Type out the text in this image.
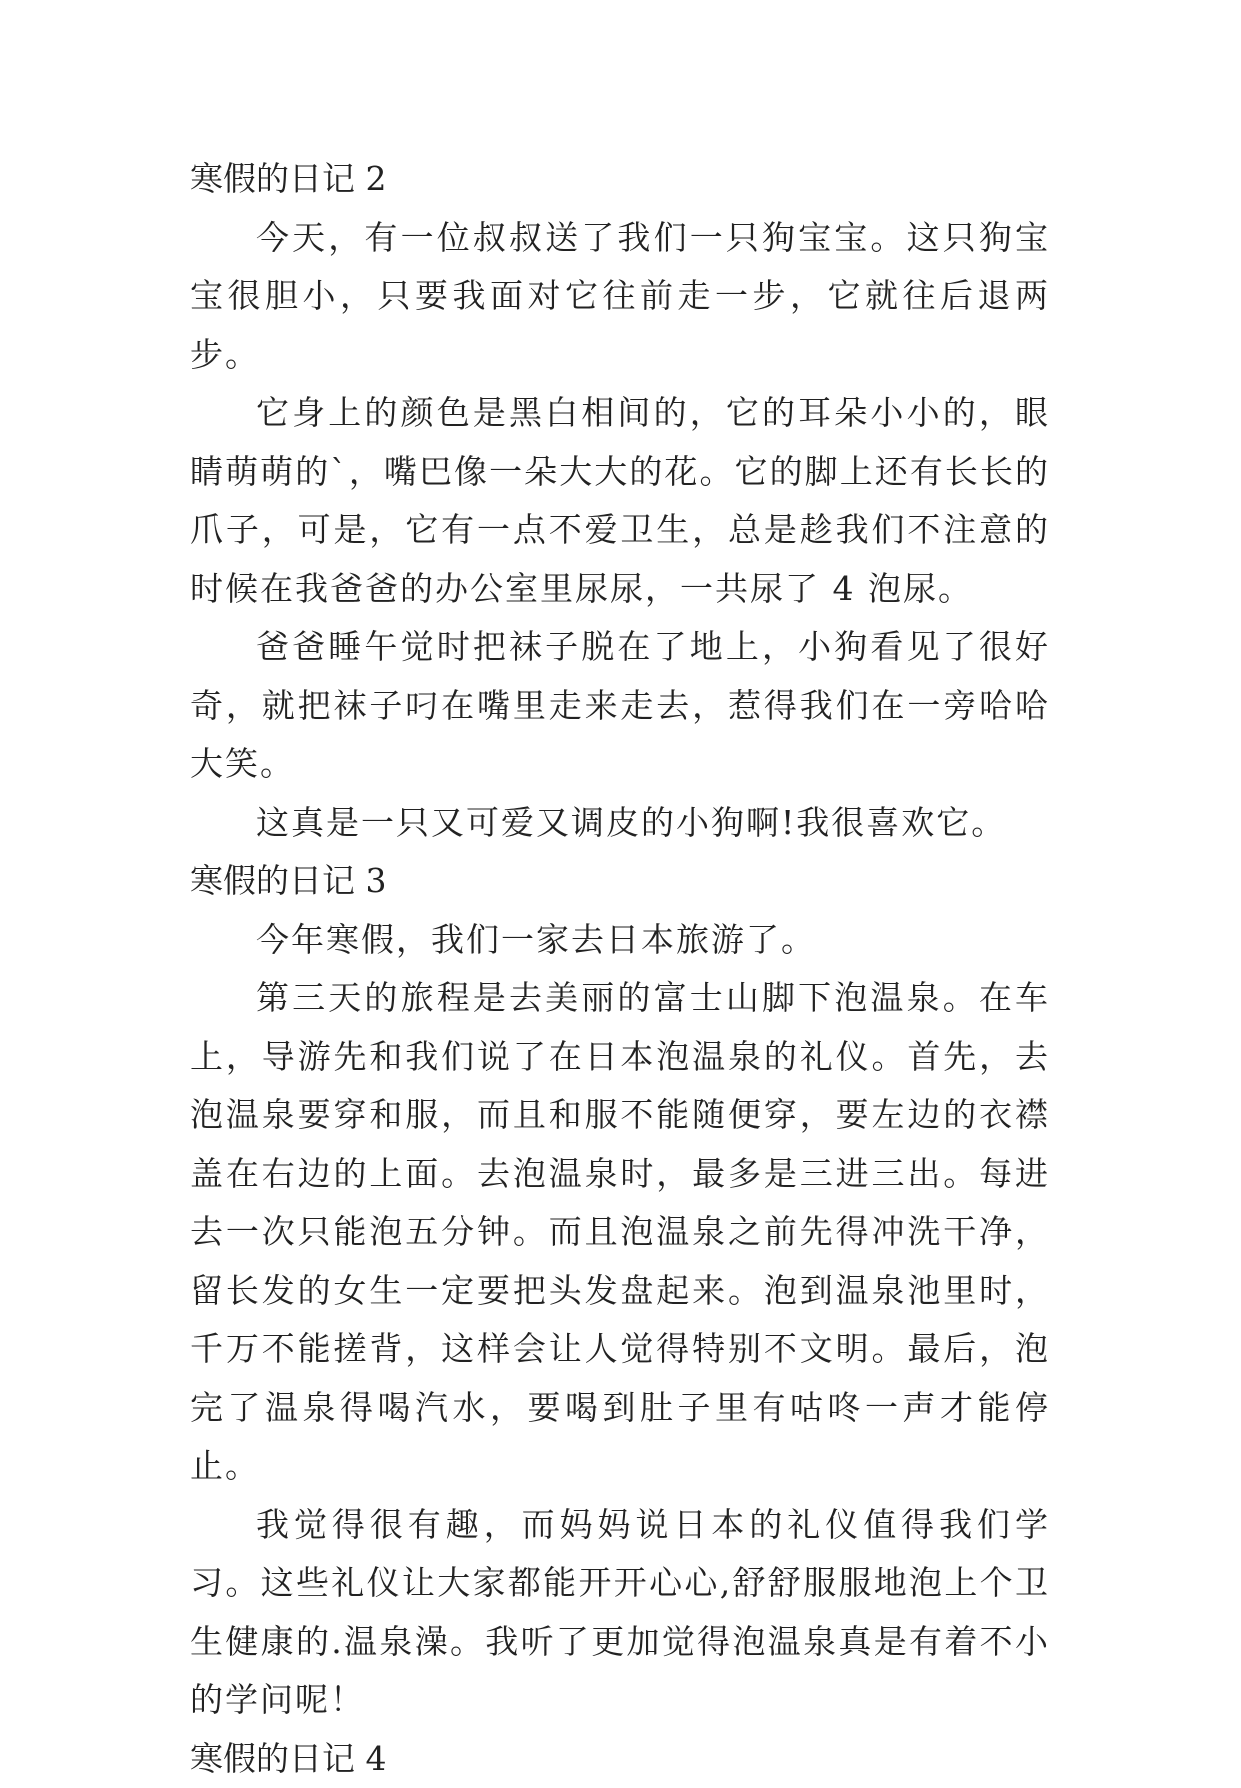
寒假的日记 2

今天，有一位叔叔送了我们一只狗宝宝。这只狗宝宝很胆小，只要我面对它往前走一步，它就往后退两步。

它身上的颜色是黑白相间的，它的耳朵小小的，眼睛萌萌的`，嘴巴像一朵大大的花。它的脚上还有长长的爪子，可是，它有一点不爱卫生，总是趁我们不注意的时候在我爸爸的办公室里尿尿，一共尿了 4 泡尿。

爸爸睡午觉时把袜子脱在了地上，小狗看见了很好奇，就把袜子叼在嘴里走来走去，惹得我们在一旁哈哈大笑。

这真是一只又可爱又调皮的小狗啊!我很喜欢它。

寒假的日记 3

今年寒假，我们一家去日本旅游了。

第三天的旅程是去美丽的富士山脚下泡温泉。在车上，导游先和我们说了在日本泡温泉的礼仪。首先，去泡温泉要穿和服，而且和服不能随便穿，要左边的衣襟盖在右边的上面。去泡温泉时，最多是三进三出。每进去一次只能泡五分钟。而且泡温泉之前先得冲洗干净，留长发的女生一定要把头发盘起来。泡到温泉池里时，千万不能搓背，这样会让人觉得特别不文明。最后，泡完了温泉得喝汽水，要喝到肚子里有咕咚一声才能停止。

我觉得很有趣，而妈妈说日本的礼仪值得我们学习。这些礼仪让大家都能开开心心,舒舒服服地泡上个卫生健康的.温泉澡。我听了更加觉得泡温泉真是有着不小的学问呢！

寒假的日记 4
